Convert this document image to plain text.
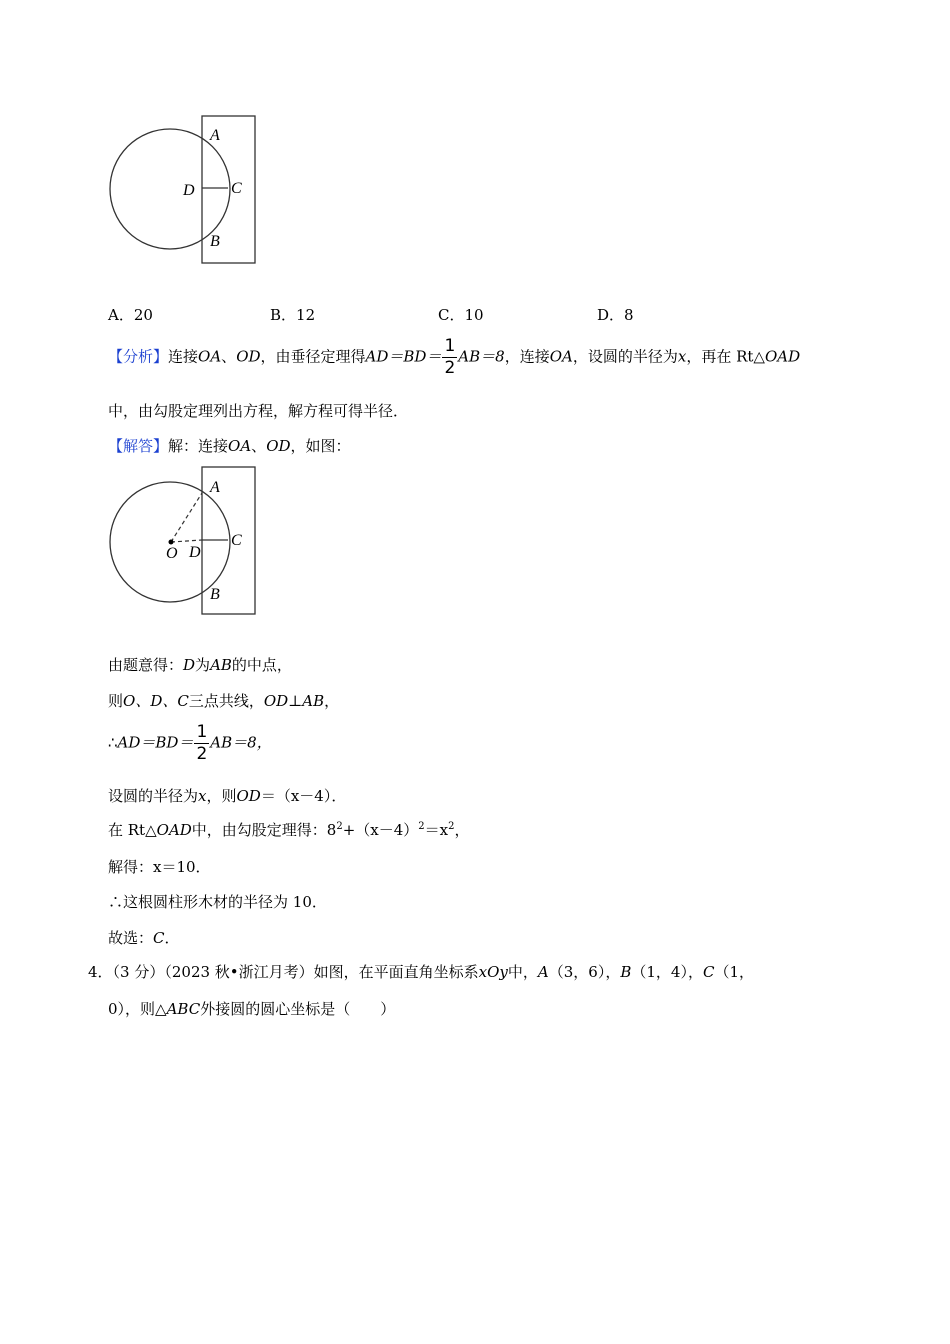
A
D C
B
A．20	B．12	C．10	D．8
【分析】连接OA、OD，由垂径定理得$AD=BD= \frac{1}{2} AB=8$，连接OA，设圆的半径为x，再在 Rt△OAD
中，由勾股定理列出方程，解方程可得半径．
【解答】解：连接OA、OD，如图：
A
O D
C
B
由题意得：D为AB的中点，
则O、D、C三点共线，OD⊥AB，
∴AD＝BD＝ $\frac{1}{2} AB=8$，
设圆的半径为x，则OD＝（x－4）．
在 Rt△OAD中，由勾股定理得：$8^2+(x-4)^2=x^2$，
解得：x＝10．
∴这根圆柱形木材的半径为 10．
故选：C．
4．（3 分）（2023 秋•浙江月考）如图，在平面直角坐标系xOy中，A（3，6），B（1，4），C（1，
0），则△ABC外接圆的圆心坐标是（　　）
